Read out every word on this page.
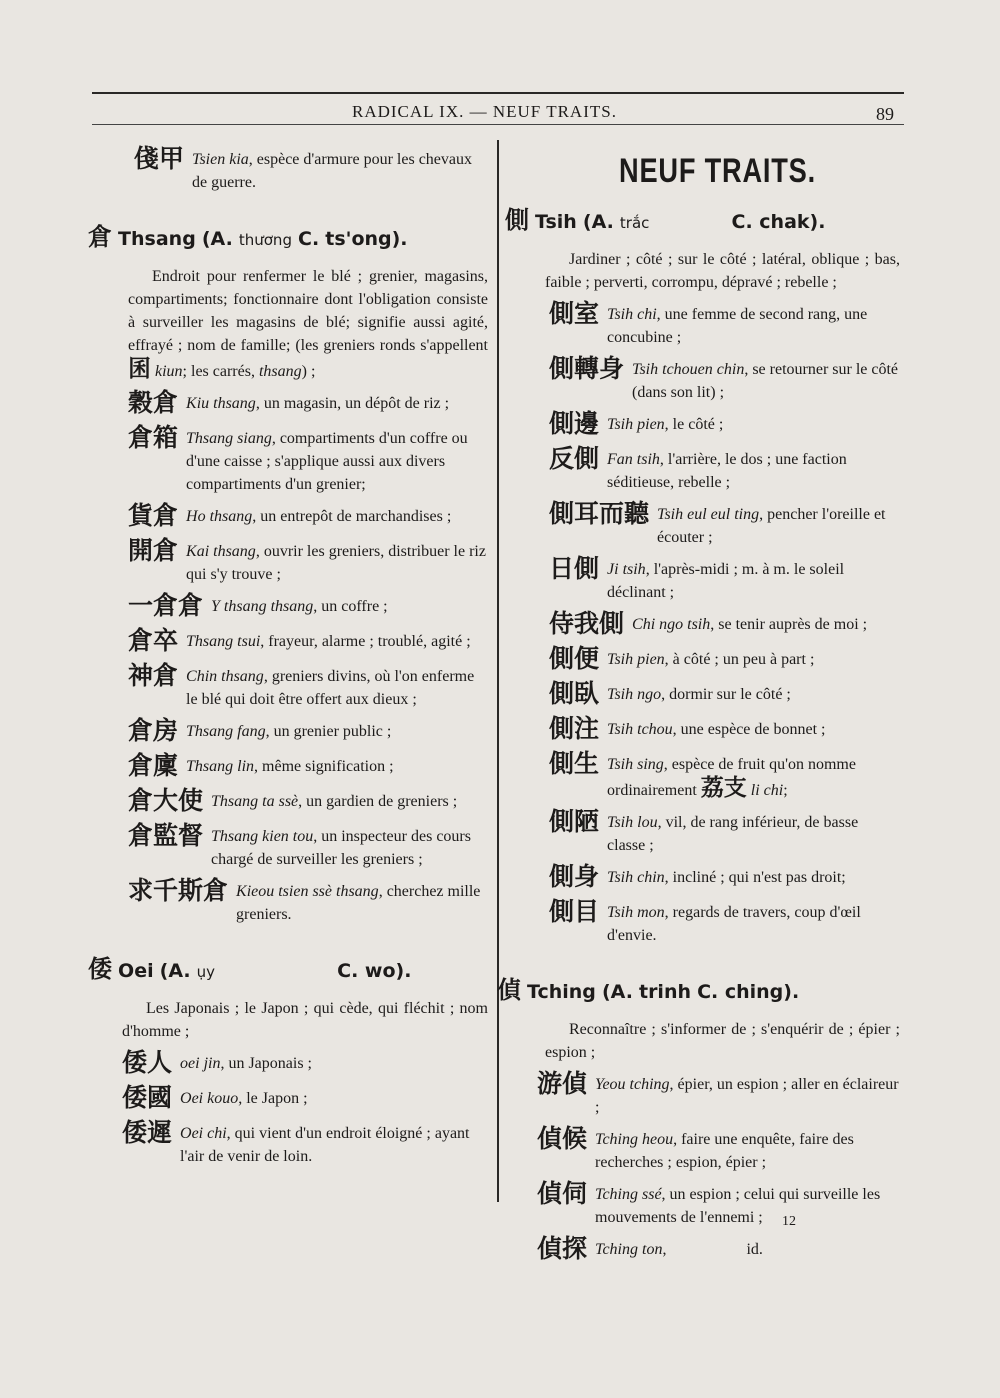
RADICAL IX. — NEUF TRAITS.	89
俴甲 Tsien kia, espèce d'armure pour les chevaux de guerre.
倉 Thsang (A. thương C. ts'ong).
Endroit pour renfermer le blé ; grenier, magasins, compartiments; fonctionnaire dont l'obligation consiste à surveiller les magasins de blé; signifie aussi agité, effrayé ; nom de famille; (les greniers ronds s'appellent 囷 kiun; les carrés, thsang) ;
穀倉 Kiu thsang, un magasin, un dépôt de riz ;
倉箱 Thsang siang, compartiments d'un coffre ou d'une caisse ; s'applique aussi aux divers compartiments d'un grenier;
貨倉 Ho thsang, un entrepôt de marchandises ;
開倉 Kai thsang, ouvrir les greniers, distribuer le riz qui s'y trouve ;
一倉倉 Y thsang thsang, un coffre ;
倉卒 Thsang tsui, frayeur, alarme ; troublé, agité ;
神倉 Chin thsang, greniers divins, où l'on enferme le blé qui doit être offert aux dieux ;
倉房 Thsang fang, un grenier public ;
倉廩 Thsang lin, même signification ;
倉大使 Thsang ta ssè, un gardien de greniers ;
倉監督 Thsang kien tou, un inspecteur des cours chargé de surveiller les greniers ;
求千斯倉 Kieou tsien ssè thsang, cherchez mille greniers.
倭 Oei (A. ụy	C. wo).
Les Japonais ; le Japon ; qui cède, qui fléchit ; nom d'homme ;
倭人 oei jin, un Japonais ;
倭國 Oei kouo, le Japon ;
倭遲 Oei chi, qui vient d'un endroit éloigné ; ayant l'air de venir de loin.
NEUF TRAITS.
側 Tsih (A. trắc	C. chak).
Jardiner ; côté ; sur le côté ; latéral, oblique ; bas, faible ; perverti, corrompu, dépravé ; rebelle ;
側室 Tsih chi, une femme de second rang, une concubine ;
側轉身 Tsih tchouen chin, se retourner sur le côté (dans son lit) ;
側邊 Tsih pien, le côté ;
反側 Fan tsih, l'arrière, le dos ; une faction séditieuse, rebelle ;
側耳而聽 Tsih eul eul ting, pencher l'oreille et écouter ;
日側 Ji tsih, l'après-midi ; m. à m. le soleil déclinant ;
侍我側 Chi ngo tsih, se tenir auprès de moi ;
側便 Tsih pien, à côté ; un peu à part ;
側臥 Tsih ngo, dormir sur le côté ;
側注 Tsih tchou, une espèce de bonnet ;
側生 Tsih sing, espèce de fruit qu'on nomme ordinairement 荔支 li chi;
側陋 Tsih lou, vil, de rang inférieur, de basse classe ;
側身 Tsih chin, incliné ; qui n'est pas droit;
側目 Tsih mon, regards de travers, coup d'œil d'envie.
偵 Tching (A. trinh C. ching).
Reconnaître ; s'informer de ; s'enquérir de ; épier ; espion ;
游偵 Yeou tching, épier, un espion ; aller en éclaireur ;
偵候 Tching heou, faire une enquête, faire des recherches ; espion, épier ;
偵伺 Tching ssé, un espion ; celui qui surveille les mouvements de l'ennemi ;
偵探 Tching ton,	id.
12
